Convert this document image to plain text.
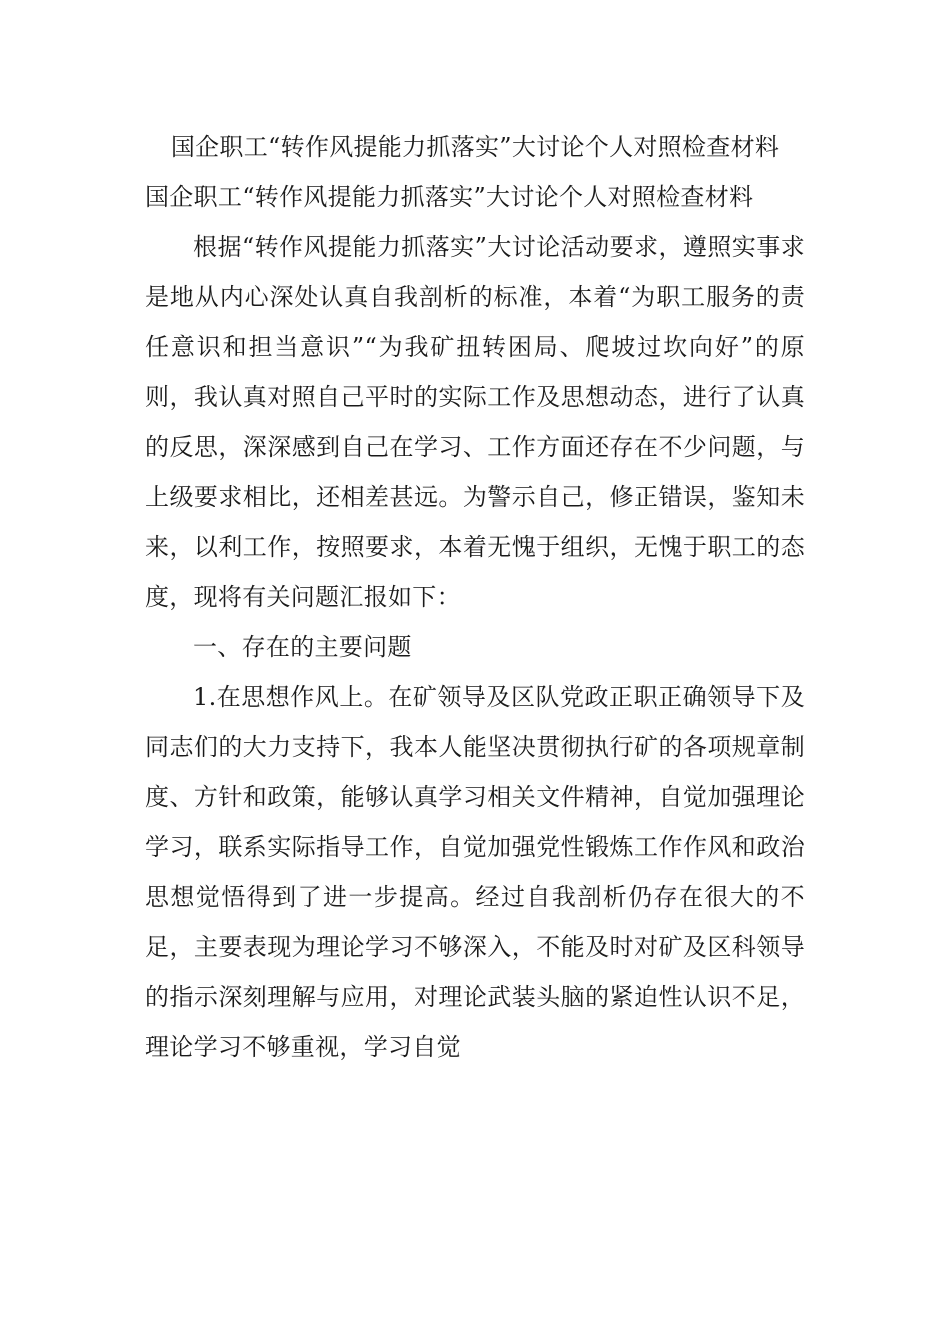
国企职工“转作风提能力抓落实”大讨论个人对照检查材料

国企职工“转作风提能力抓落实”大讨论个人对照检查材料

根据“转作风提能力抓落实”大讨论活动要求，遵照实事求是地从内心深处认真自我剖析的标准，本着“为职工服务的责任意识和担当意识”“为我矿扭转困局、爬坡过坎向好”的原则，我认真对照自己平时的实际工作及思想动态，进行了认真的反思，深深感到自己在学习、工作方面还存在不少问题，与上级要求相比，还相差甚远。为警示自己，修正错误，鉴知未来，以利工作，按照要求，本着无愧于组织，无愧于职工的态度，现将有关问题汇报如下：

一、存在的主要问题

1.在思想作风上。在矿领导及区队党政正职正确领导下及同志们的大力支持下，我本人能坚决贯彻执行矿的各项规章制度、方针和政策，能够认真学习相关文件精神，自觉加强理论学习，联系实际指导工作，自觉加强党性锻炼工作作风和政治思想觉悟得到了进一步提高。经过自我剖析仍存在很大的不足，主要表现为理论学习不够深入，不能及时对矿及区科领导的指示深刻理解与应用，对理论武装头脑的紧迫性认识不足，理论学习不够重视，学习自觉
